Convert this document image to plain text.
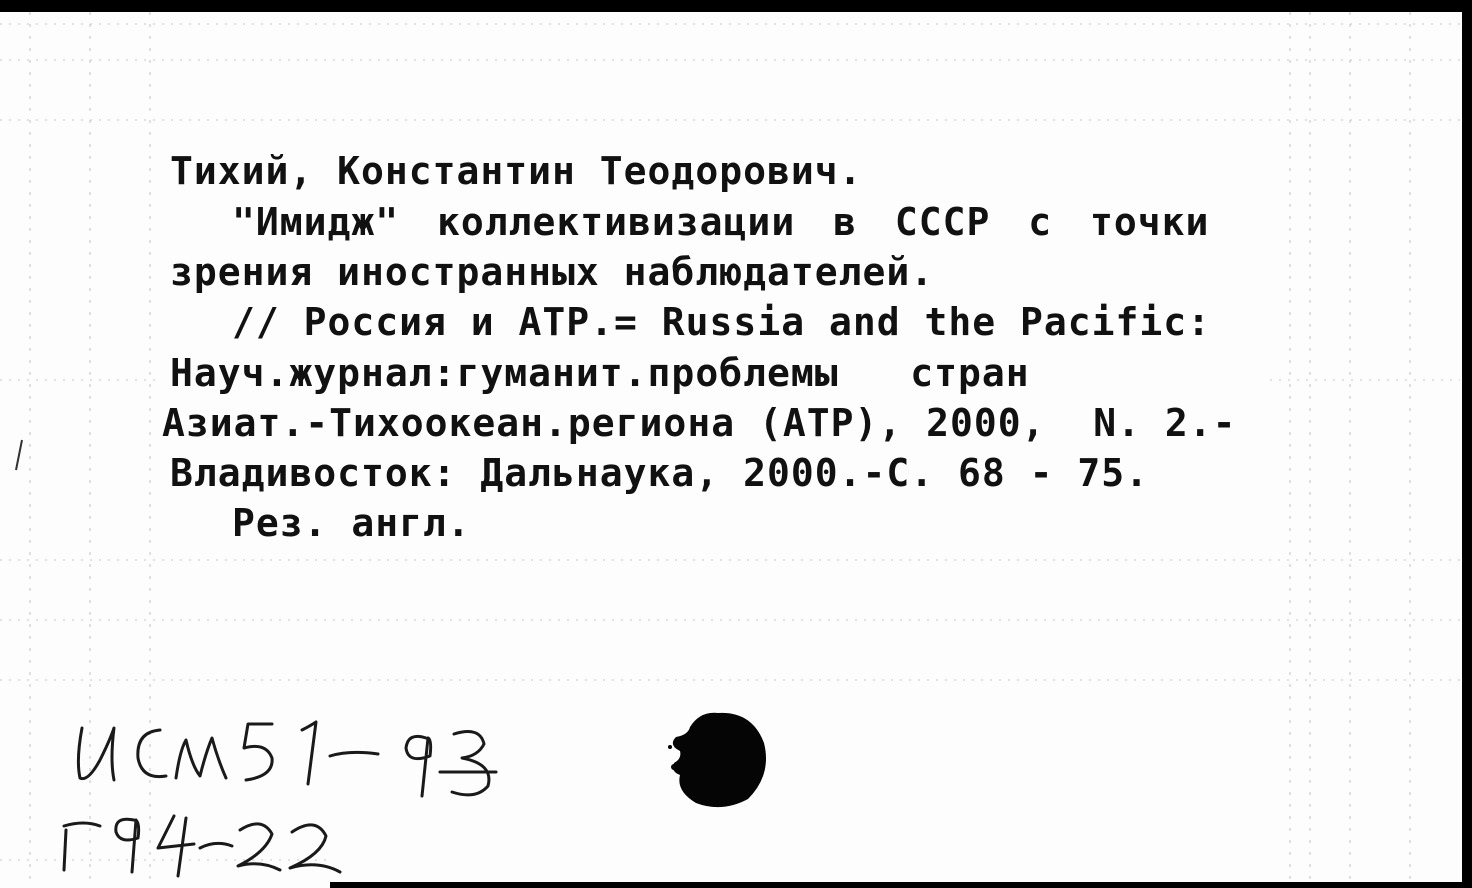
Тихий, Константин Теодорович.
"Имидж" коллективизации в СССР с точки
зрения иностранных наблюдателей.
// Россия и АТР.= Russia and the Pacific:
Науч.журнал:гуманит.проблемы   стран
Азиат.-Тихоокеан.региона (АТР), 2000,  N. 2.-
Владивосток: Дальнаука, 2000.-С. 68 - 75.
Рез. англ.
